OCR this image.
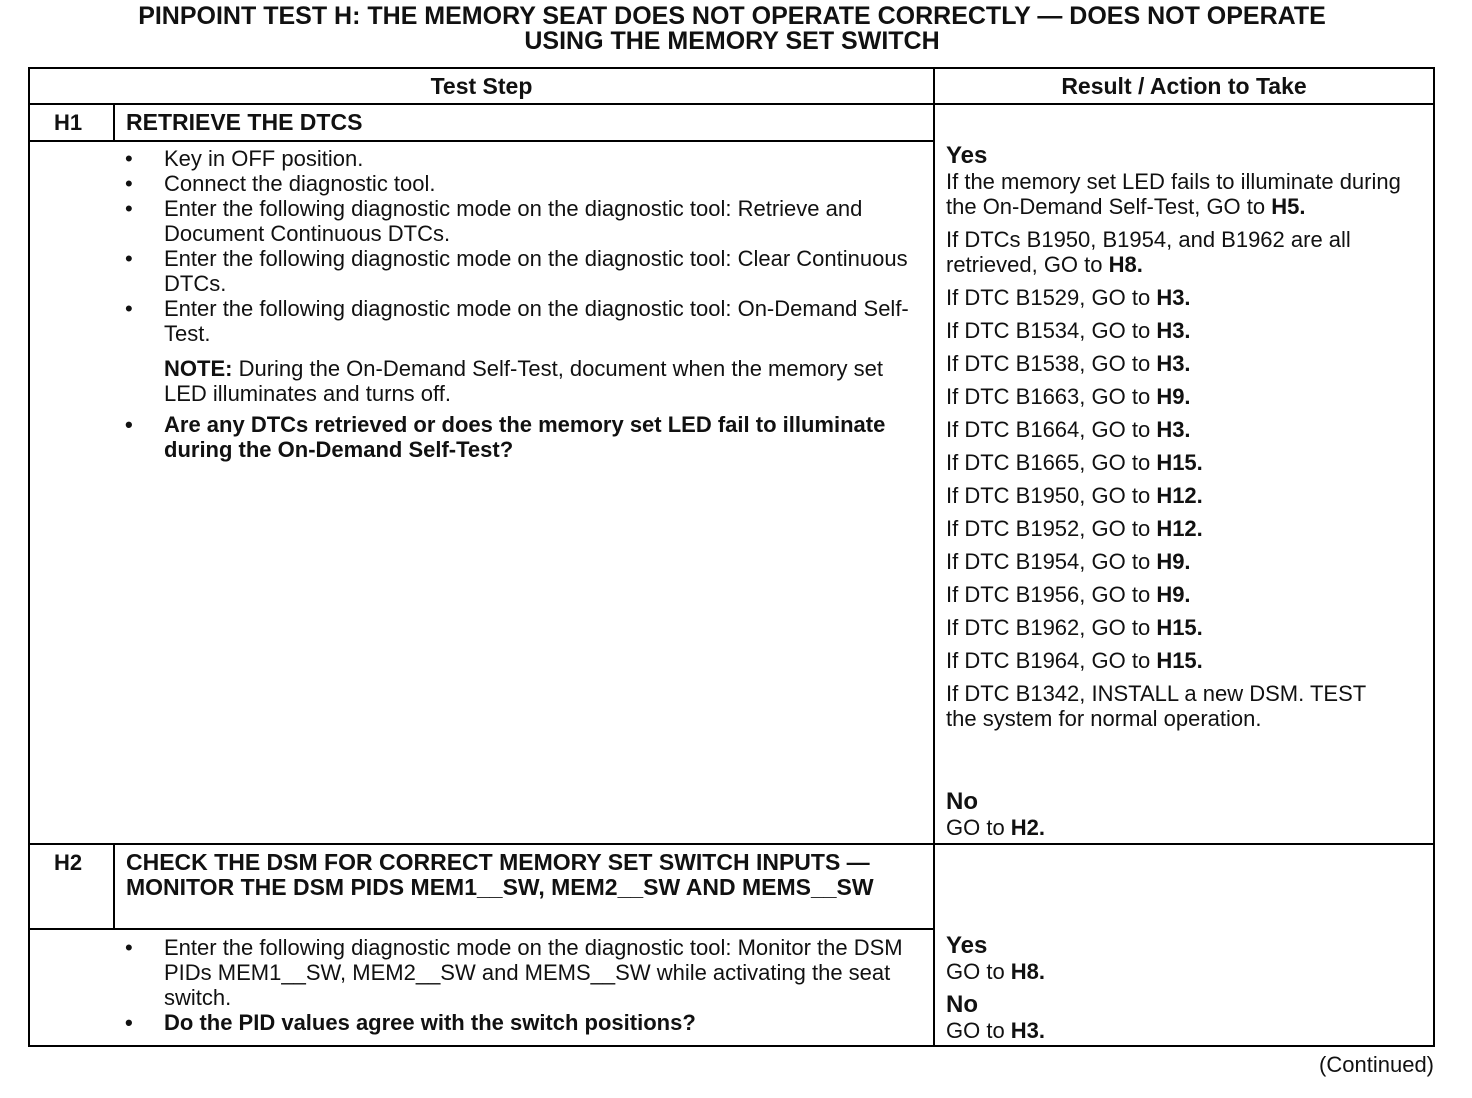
PINPOINT TEST H: THE MEMORY SEAT DOES NOT OPERATE CORRECTLY — DOES NOT OPERATE
USING THE MEMORY SET SWITCH
Test Step	Result / Action to Take
H1 RETRIEVE THE DTCS
• Key in OFF position.
• Connect the diagnostic tool.
• Enter the following diagnostic mode on the diagnostic tool: Retrieve and Document Continuous DTCs.
• Enter the following diagnostic mode on the diagnostic tool: Clear Continuous DTCs.
• Enter the following diagnostic mode on the diagnostic tool: On-Demand Self-Test.
NOTE: During the On-Demand Self-Test, document when the memory set LED illuminates and turns off.
• Are any DTCs retrieved or does the memory set LED fail to illuminate during the On-Demand Self-Test?
Yes

If the memory set LED fails to illuminate during the On-Demand Self-Test, GO to H5.

If DTCs B1950, B1954, and B1962 are all retrieved, GO to H8.

If DTC B1529, GO to H3.

If DTC B1534, GO to H3.

If DTC B1538, GO to H3.

If DTC B1663, GO to H9.

If DTC B1664, GO to H3.

If DTC B1665, GO to H15.

If DTC B1950, GO to H12.

If DTC B1952, GO to H12.

If DTC B1954, GO to H9.

If DTC B1956, GO to H9.

If DTC B1962, GO to H15.

If DTC B1964, GO to H15.

If DTC B1342, INSTALL a new DSM. TEST the system for normal operation.

No
GO to H2.
H2 CHECK THE DSM FOR CORRECT MEMORY SET SWITCH INPUTS — MONITOR THE DSM PIDS MEM1__SW, MEM2__SW AND MEMS__SW
• Enter the following diagnostic mode on the diagnostic tool: Monitor the DSM PIDs MEM1__SW, MEM2__SW and MEMS__SW while activating the seat switch.
• Do the PID values agree with the switch positions?
Yes

GO to H8.

No
GO to H3.
(Continued)
